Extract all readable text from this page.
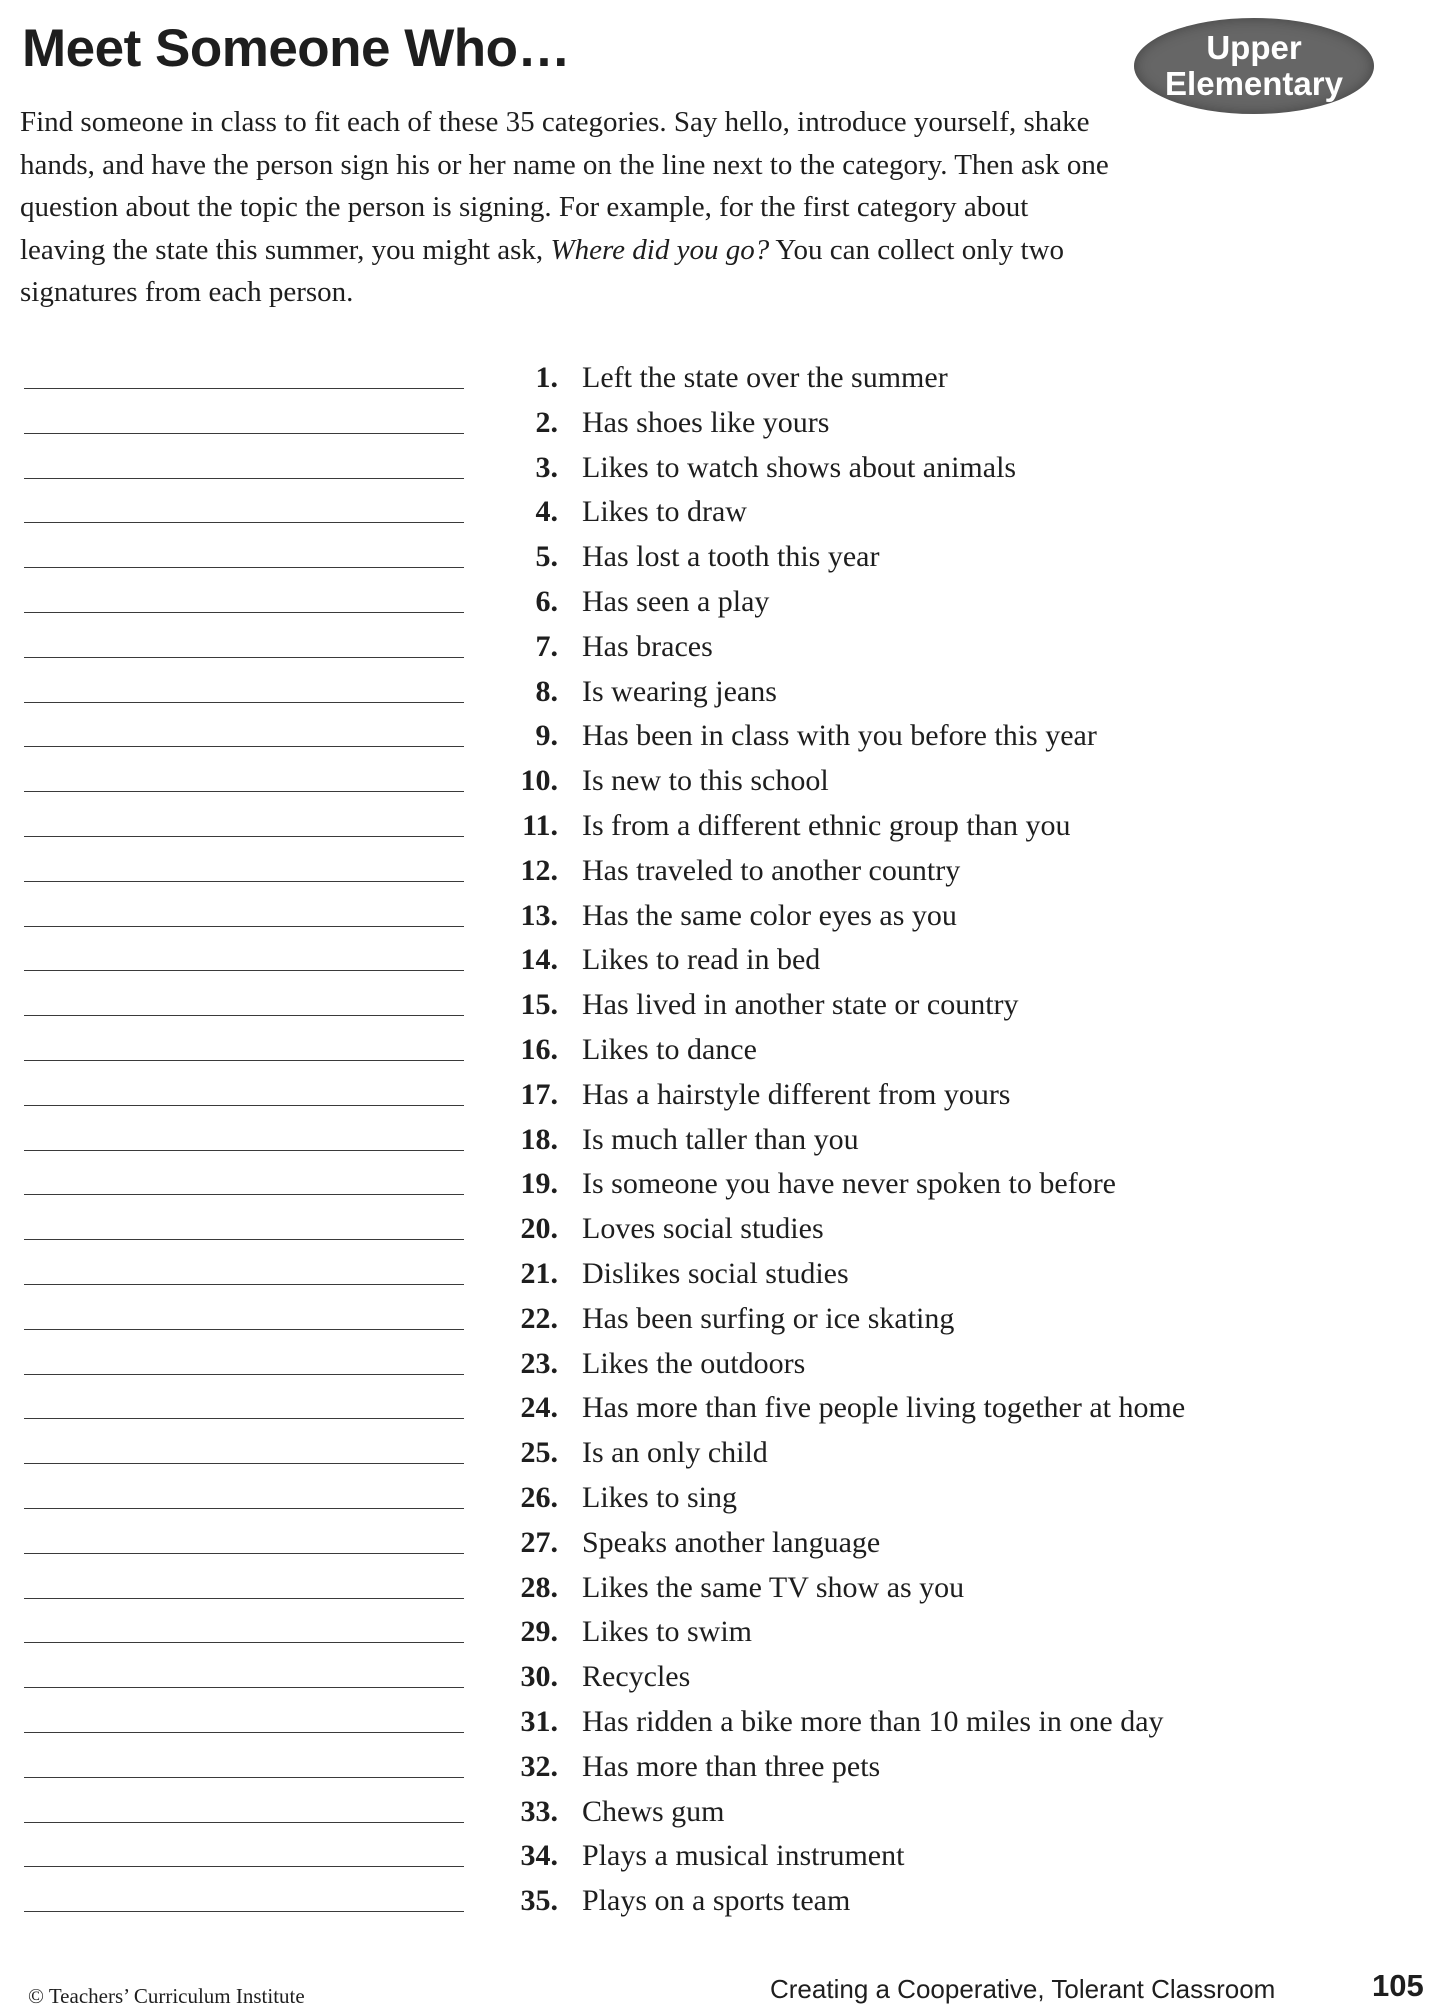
Meet Someone Who…	Upper
Elementary

Find someone in class to fit each of these 35 categories. Say hello, introduce yourself, shake hands, and have the person sign his or her name on the line next to the category. Then ask one question about the topic the person is signing. For example, for the first category about leaving the state this summer, you might ask, Where did you go? You can collect only two signatures from each person.

1. Left the state over the summer
2. Has shoes like yours
3. Likes to watch shows about animals
4. Likes to draw
5. Has lost a tooth this year
6. Has seen a play
7. Has braces
8. Is wearing jeans
9. Has been in class with you before this year
10. Is new to this school
11. Is from a different ethnic group than you
12. Has traveled to another country
13. Has the same color eyes as you
14. Likes to read in bed
15. Has lived in another state or country
16. Likes to dance
17. Has a hairstyle different from yours
18. Is much taller than you
19. Is someone you have never spoken to before
20. Loves social studies
21. Dislikes social studies
22. Has been surfing or ice skating
23. Likes the outdoors
24. Has more than five people living together at home
25. Is an only child
26. Likes to sing
27. Speaks another language
28. Likes the same TV show as you
29. Likes to swim
30. Recycles
31. Has ridden a bike more than 10 miles in one day
32. Has more than three pets
33. Chews gum
34. Plays a musical instrument
35. Plays on a sports team
© Teachers’ Curriculum Institute	Creating a Cooperative, Tolerant Classroom	105
